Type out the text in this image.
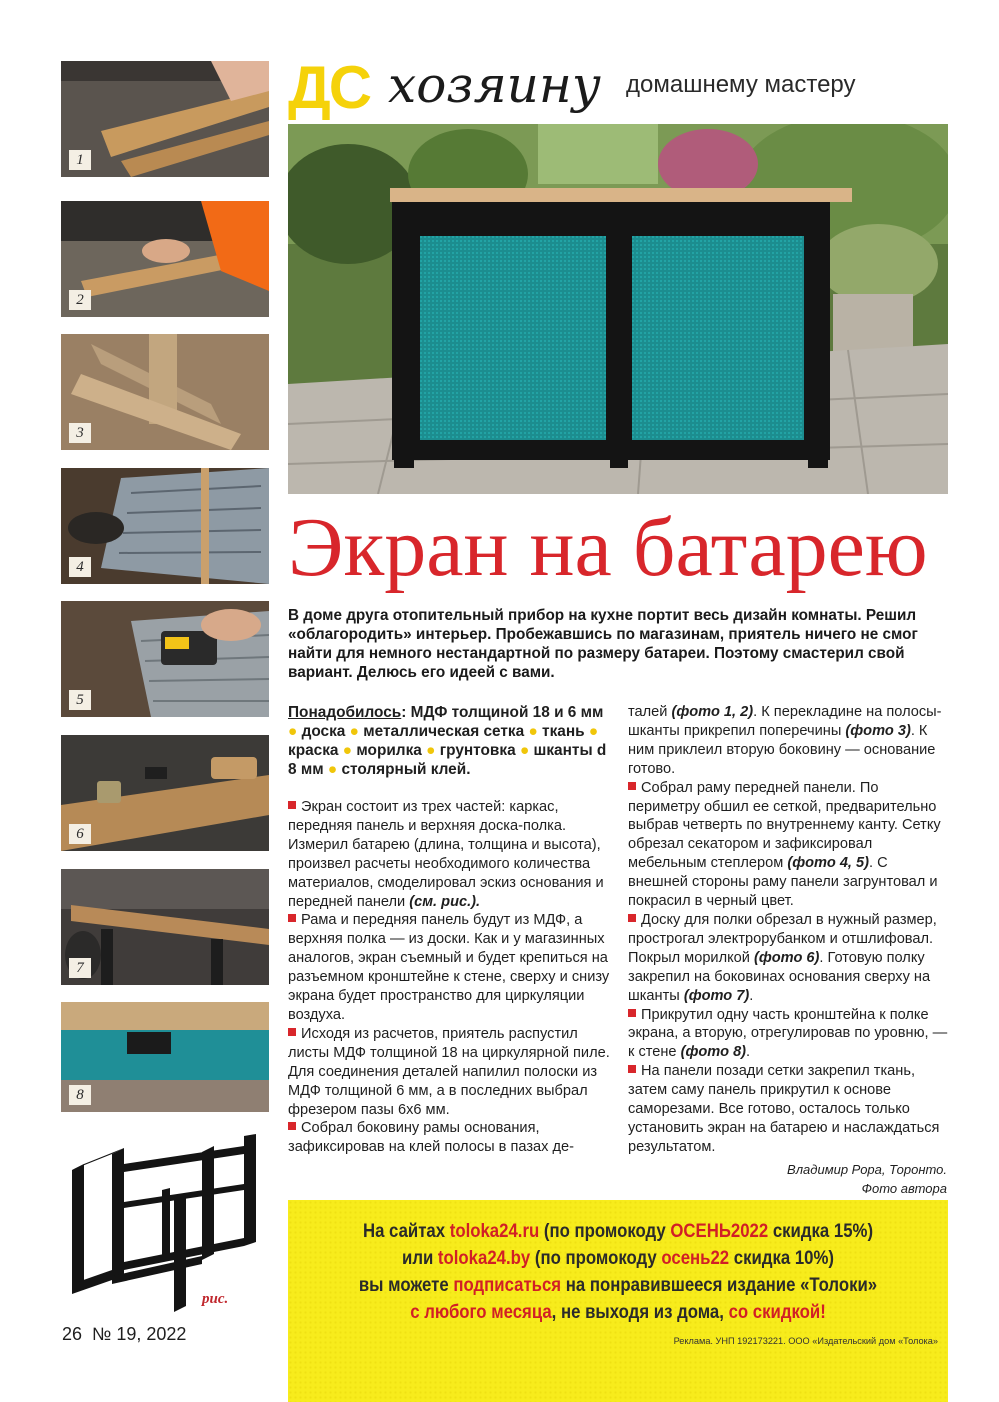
1
2
3
4
5
6
7
8
ДС хозяину домашнему мастеру
Экран на батарею
В доме друга отопительный прибор на кухне портит весь дизайн комнаты. Решил «облагородить» интерьер. Пробежавшись по магазинам, приятель ничего не смог найти для немного нестандартной по размеру батареи. Поэтому смастерил свой вариант. Делюсь его идеей с вами.

Понадобилось: МДФ толщиной 18 и 6 мм ● доска ● металлическая сетка ● ткань ● краска ● морилка ● грунтовка ● шканты d 8 мм ● столярный клей.

Экран состоит из трех частей: каркас, передняя панель и верхняя доска-полка. Измерил батарею (длина, толщина и высота), произвел расчеты необходимого количества материалов, смоделировал эскиз основания и передней панели (см. рис.).

Рама и передняя панель будут из МДФ, а верхняя полка — из доски. Как и у магазинных аналогов, экран съемный и будет крепиться на разъемном кронштейне к стене, сверху и снизу экрана будет пространство для циркуляции воздуха.

Исходя из расчетов, приятель распустил листы МДФ толщиной 18 на циркулярной пиле. Для соединения деталей напилил полоски из МДФ толщиной 6 мм, а в последних выбрал фрезером пазы 6х6 мм.

Собрал боковину рамы основания, зафиксировав на клей полосы в пазах де-

талей (фото 1, 2). К перекладине на полосы-шканты прикрепил поперечины (фото 3). К ним приклеил вторую боковину — основание готово.

Собрал раму передней панели. По периметру обшил ее сеткой, предварительно выбрав четверть по внутреннему канту. Сетку обрезал секатором и зафиксировал мебельным степлером (фото 4, 5). С внешней стороны раму панели загрунтовал и покрасил в черный цвет.

Доску для полки обрезал в нужный размер, прострогал электрорубанком и отшлифовал. Покрыл морилкой (фото 6). Готовую полку закрепил на боковинах основания сверху на шканты (фото 7).

Прикрутил одну часть кронштейна к полке экрана, а вторую, отрегулировав по уровню, — к стене (фото 8).

На панели позади сетки закрепил ткань, затем саму панель прикрутил к основе саморезами. Все готово, осталось только установить экран на батарею и наслаждаться результатом.

Владимир Рора, Торонто.
Фото автора
рис.
26 № 19, 2022
На сайтах toloka24.ru (по промокоду ОСЕНЬ2022 скидка 15%)
или toloka24.by (по промокоду осень22 скидка 10%)
вы можете подписаться на понравившееся издание «Толоки»
с любого месяца, не выходя из дома, со скидкой!
Реклама. УНП 192173221. ООО «Издательский дом «Толока»
